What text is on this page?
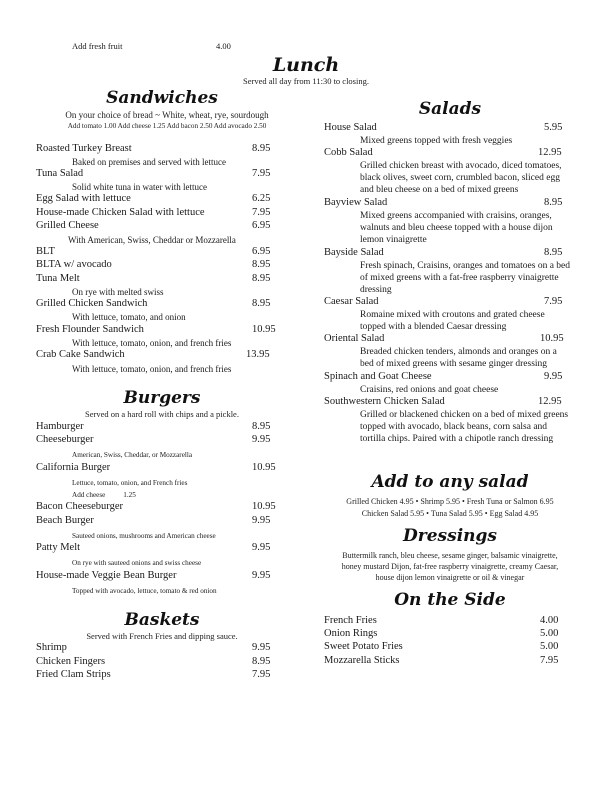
Add fresh fruit	4.00
Lunch
Served all day from 11:30 to closing.
Sandwiches
On your choice of bread ~ White, wheat, rye, sourdough
Add tomato 1.00 Add cheese 1.25 Add bacon 2.50 Add avocado 2.50
Roasted Turkey Breast	8.95
Baked on premises and served with lettuce
Tuna Salad	7.95
Solid white tuna in water with lettuce
Egg Salad with lettuce	6.25
House-made Chicken Salad with lettuce	7.95
Grilled Cheese	6.95
With American, Swiss, Cheddar or Mozzarella
BLT	6.95
BLTA w/ avocado	8.95
Tuna Melt	8.95
On rye with melted swiss
Grilled Chicken Sandwich	8.95
With lettuce, tomato, and onion
Fresh Flounder Sandwich	10.95
With lettuce, tomato, onion, and french fries
Crab Cake Sandwich	13.95
With lettuce, tomato, onion, and french fries
Burgers
Served on a hard roll with chips and a pickle.
Hamburger	8.95
Cheeseburger	9.95
American, Swiss, Cheddar, or Mozzarella
California Burger	10.95
Lettuce, tomato, onion, and French fries
Add cheese          1.25
Bacon Cheeseburger	10.95
Beach Burger	9.95
Sauteed onions, mushrooms and American cheese
Patty Melt	9.95
On rye with sauteed onions and swiss cheese
House-made Veggie Bean Burger	9.95
Topped with avocado, lettuce, tomato & red onion
Baskets
Served with French Fries and dipping sauce.
Shrimp	9.95
Chicken Fingers	8.95
Fried Clam Strips	7.95
Salads
House Salad	5.95
Mixed greens topped with fresh veggies
Cobb Salad	12.95
Grilled chicken breast with avocado, diced tomatoes, black olives, sweet corn, crumbled bacon, sliced egg and bleu cheese on a bed of mixed greens
Bayview Salad	8.95
Mixed greens accompanied with craisins, oranges, walnuts and bleu cheese topped with a house dijon lemon vinaigrette
Bayside Salad	8.95
Fresh spinach, Craisins, oranges and tomatoes on a bed of mixed greens with a fat-free raspberry vinaigrette dressing
Caesar Salad	7.95
Romaine mixed with croutons and grated cheese topped with a blended Caesar dressing
Oriental Salad	10.95
Breaded chicken tenders, almonds and oranges on a bed of mixed greens with sesame ginger dressing
Spinach and Goat Cheese	9.95
Craisins, red onions and goat cheese
Southwestern Chicken Salad	12.95
Grilled or blackened chicken on a bed of mixed greens topped with avocado, black beans, corn salsa and tortilla chips. Paired with a chipotle ranch dressing
Add to any salad
Grilled Chicken 4.95 • Shrimp 5.95 • Fresh Tuna or Salmon 6.95
Chicken Salad 5.95 • Tuna Salad 5.95 • Egg Salad 4.95
Dressings
Buttermilk ranch, bleu cheese, sesame ginger, balsamic vinaigrette,
honey mustard Dijon, fat-free raspberry vinaigrette, creamy Caesar,
house dijon lemon vinaigrette or oil & vinegar
On the Side
French Fries	4.00
Onion Rings	5.00
Sweet Potato Fries	5.00
Mozzarella Sticks	7.95
